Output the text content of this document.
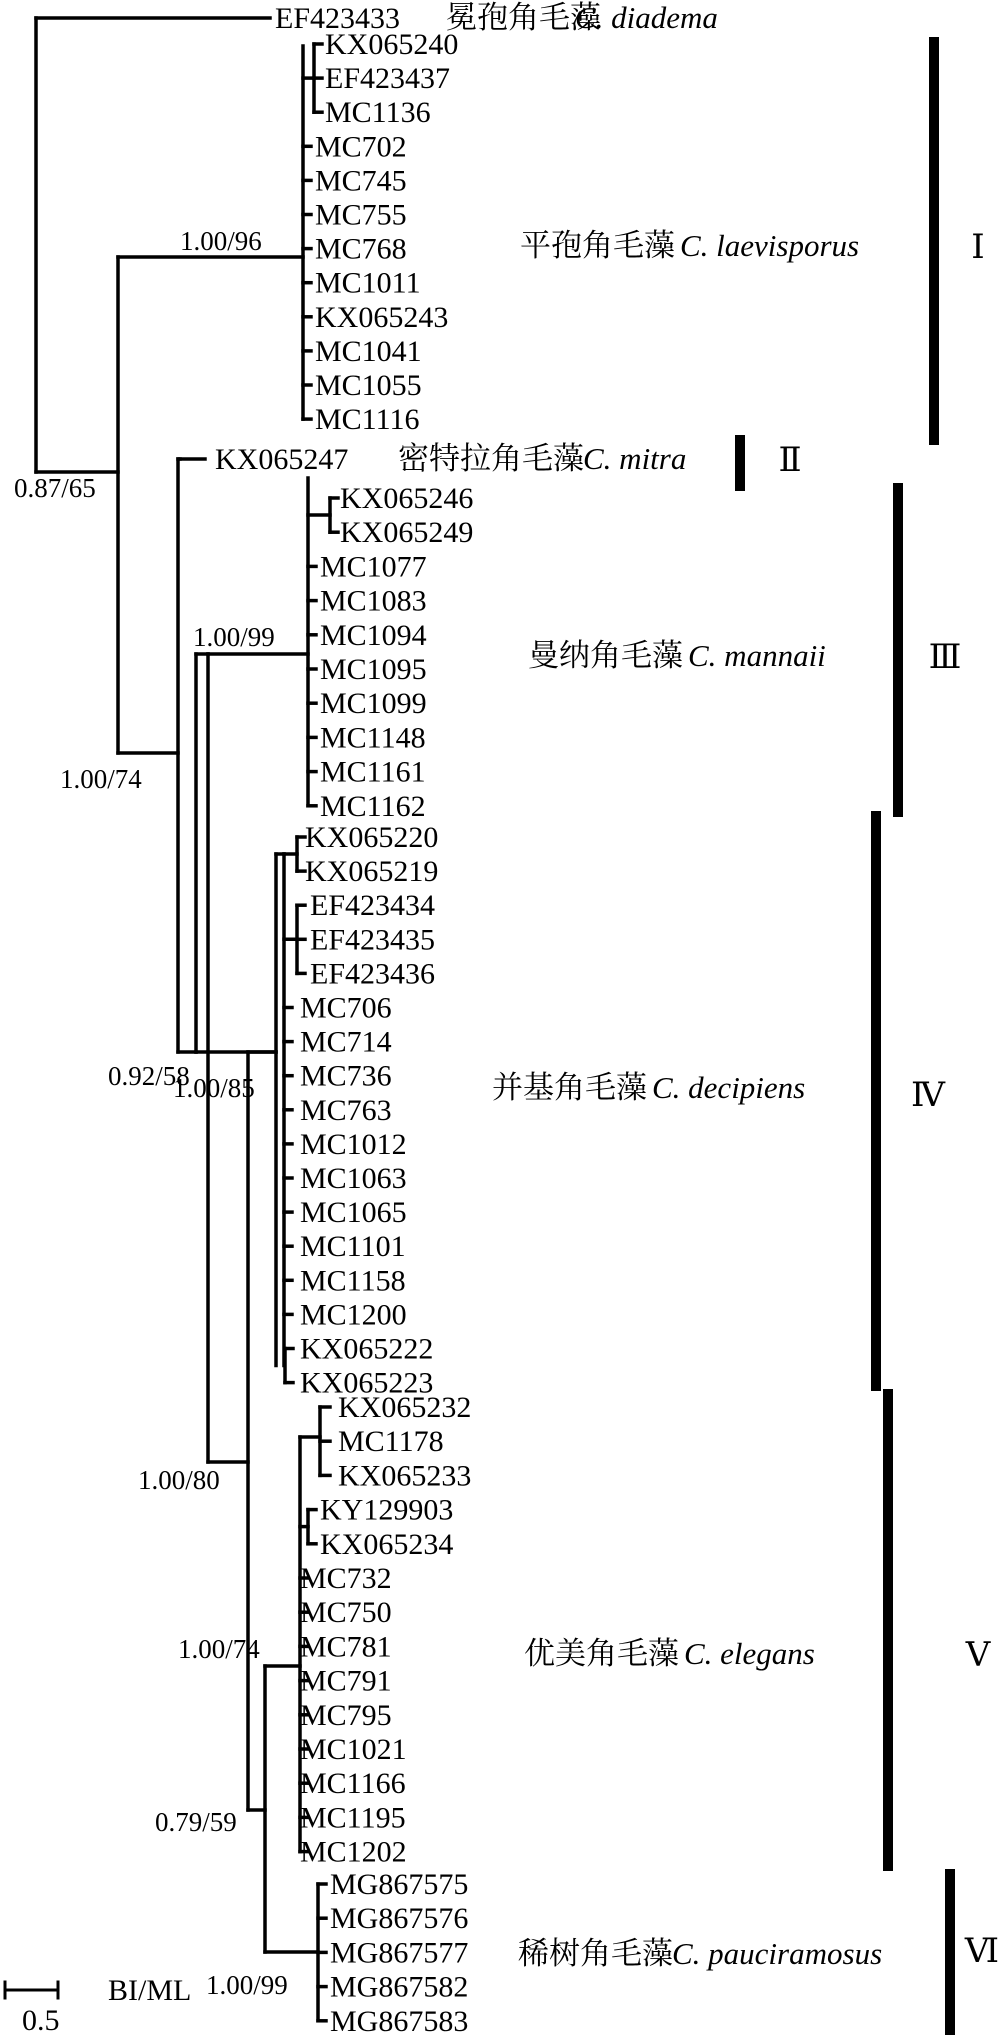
EF423433 冕孢角毛藻
C. diadema
KX065240
EF423437
MC1136
MC702
MC745
MC755
MC768
MC1011
KX065243
MC1041
MC1055
MC1116
1.00/96	平孢角毛藻 C. laevisporus	Ⅰ
KX065247 密特拉角毛藻 C. mitra	Ⅱ
KX065246
KX065249
MC1077
MC1083
MC1094
MC1095
MC1099
MC1148
MC1161
MC1162
1.00/99
曼纳角毛藻 C. mannaii	Ⅲ
KX065220
KX065219
EF423434
EF423435
EF423436
MC706
MC714
MC736
MC763
MC1012
MC1063
MC1065
MC1101
MC1158
MC1200
KX065222
KX065223
1.00/85	并基角毛藻 C. decipiens	Ⅳ
KX065232
MC1178
KX065233
KY129903
KX065234
MC732
MC750
MC781
MC791
MC795
MC1021
MC1166
MC1195
MC1202
1.00/74	优美角毛藻 C. elegans	Ⅴ
MG867575
MG867576
MG867577
MG867582
MG867583
1.00/99
稀树角毛藻 C. pauciramosus Ⅵ
0.87/65
1.00/74
0.92/58
1.00/80
0.79/59
BI/ML
0.5
